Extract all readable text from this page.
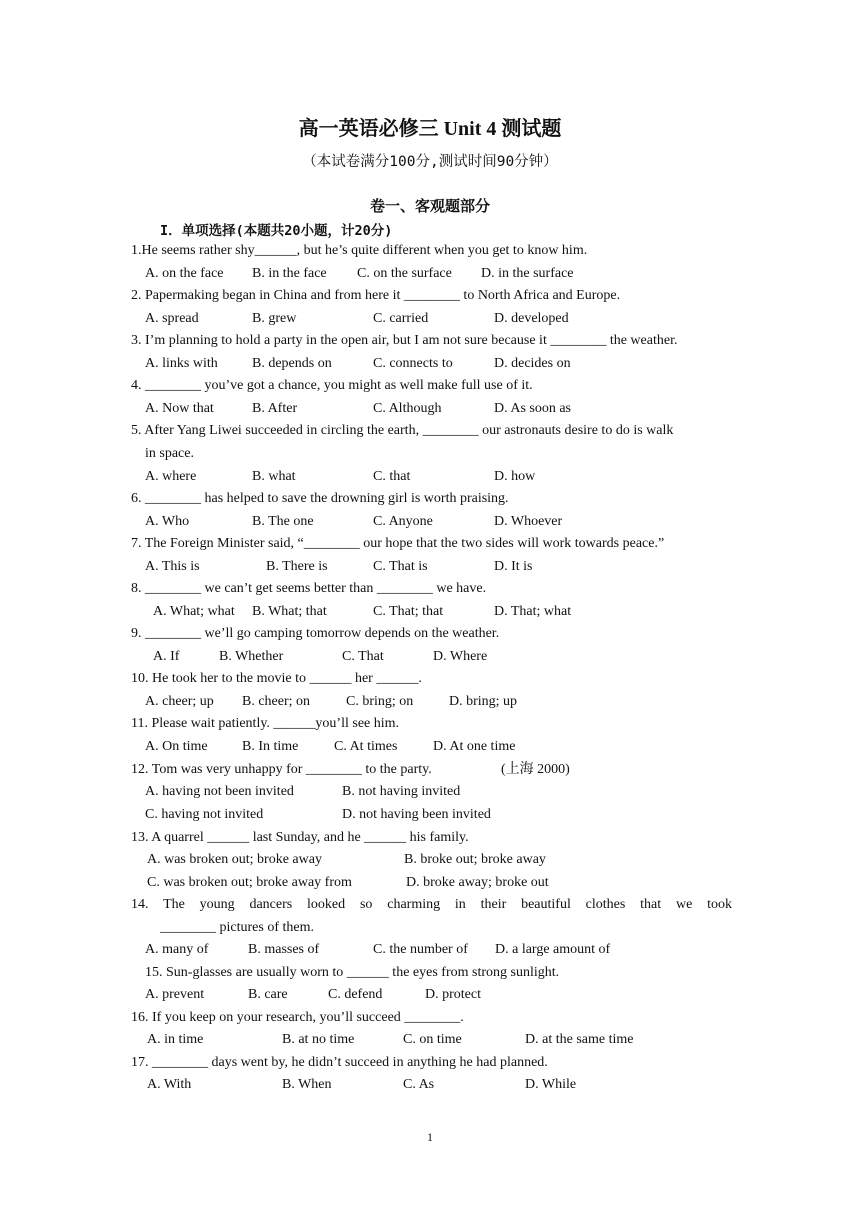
高一英语必修三 Unit 4 测试题
（本试卷满分100分,测试时间90分钟）
卷一、客观题部分
I．单项选择(本题共20小题，计20分)
1.He seems rather shy______, but he’s quite different when you get to know him.
A. on the face B. in the face C. on the surface D. in the surface
2. Papermaking began in China and from here it ________ to North Africa and Europe.
A. spread	B. grew	C. carried	D. developed
3. I’m planning to hold a party in the open air, but I am not sure because it ________ the weather.
A. links with B. depends on	C. connects to	D. decides on
4. ________ you’ve got a chance, you might as well make full use of it.
A. Now that	B. After	C. Although	D. As soon as
5. After Yang Liwei succeeded in circling the earth, ________ our astronauts desire to do is walk
in space.
A. where	B. what	C. that	D. how
6. ________ has helped to save the drowning girl is worth praising.
A. Who	B. The one	C. Anyone	D. Whoever
7. The Foreign Minister said, “________ our hope that the two sides will work towards peace.”
A. This is	B. There is	C. That is	D. It is
8. ________ we can’t get seems better than ________ we have.
A. What; what B. What; that	C. That; that	D. That; what
9. ________ we’ll go camping tomorrow depends on the weather.
A. If	B. Whether	C. That	D. Where
10. He took her to the movie to ______ her ______.
A. cheer; up B. cheer; on	C. bring; on	D. bring; up
11. Please wait patiently. ______you’ll see him.
A. On time B. In time	C. At times	D. At one time
12. Tom was very unhappy for ________ to the party.	(上海 2000)
A. having not been invited	B. not having invited
C. having not invited	D. not having been invited
13. A quarrel ______ last Sunday, and he ______ his family.
A. was broken out; broke away	B. broke out; broke away
C. was broken out; broke away from	D. broke away; broke out
14. The young dancers looked so charming in their beautiful clothes that we took
________ pictures of them.
A. many of	B. masses of	C. the number of D. a large amount of
15. Sun-glasses are usually worn to ______ the eyes from strong sunlight.
A. prevent	B. care	C. defend	D. protect
16. If you keep on your research, you’ll succeed ________.
A. in time	B. at no time	C. on time	D. at the same time
17. ________ days went by, he didn’t succeed in anything he had planned.
A. With	B. When	C. As	D. While
1
